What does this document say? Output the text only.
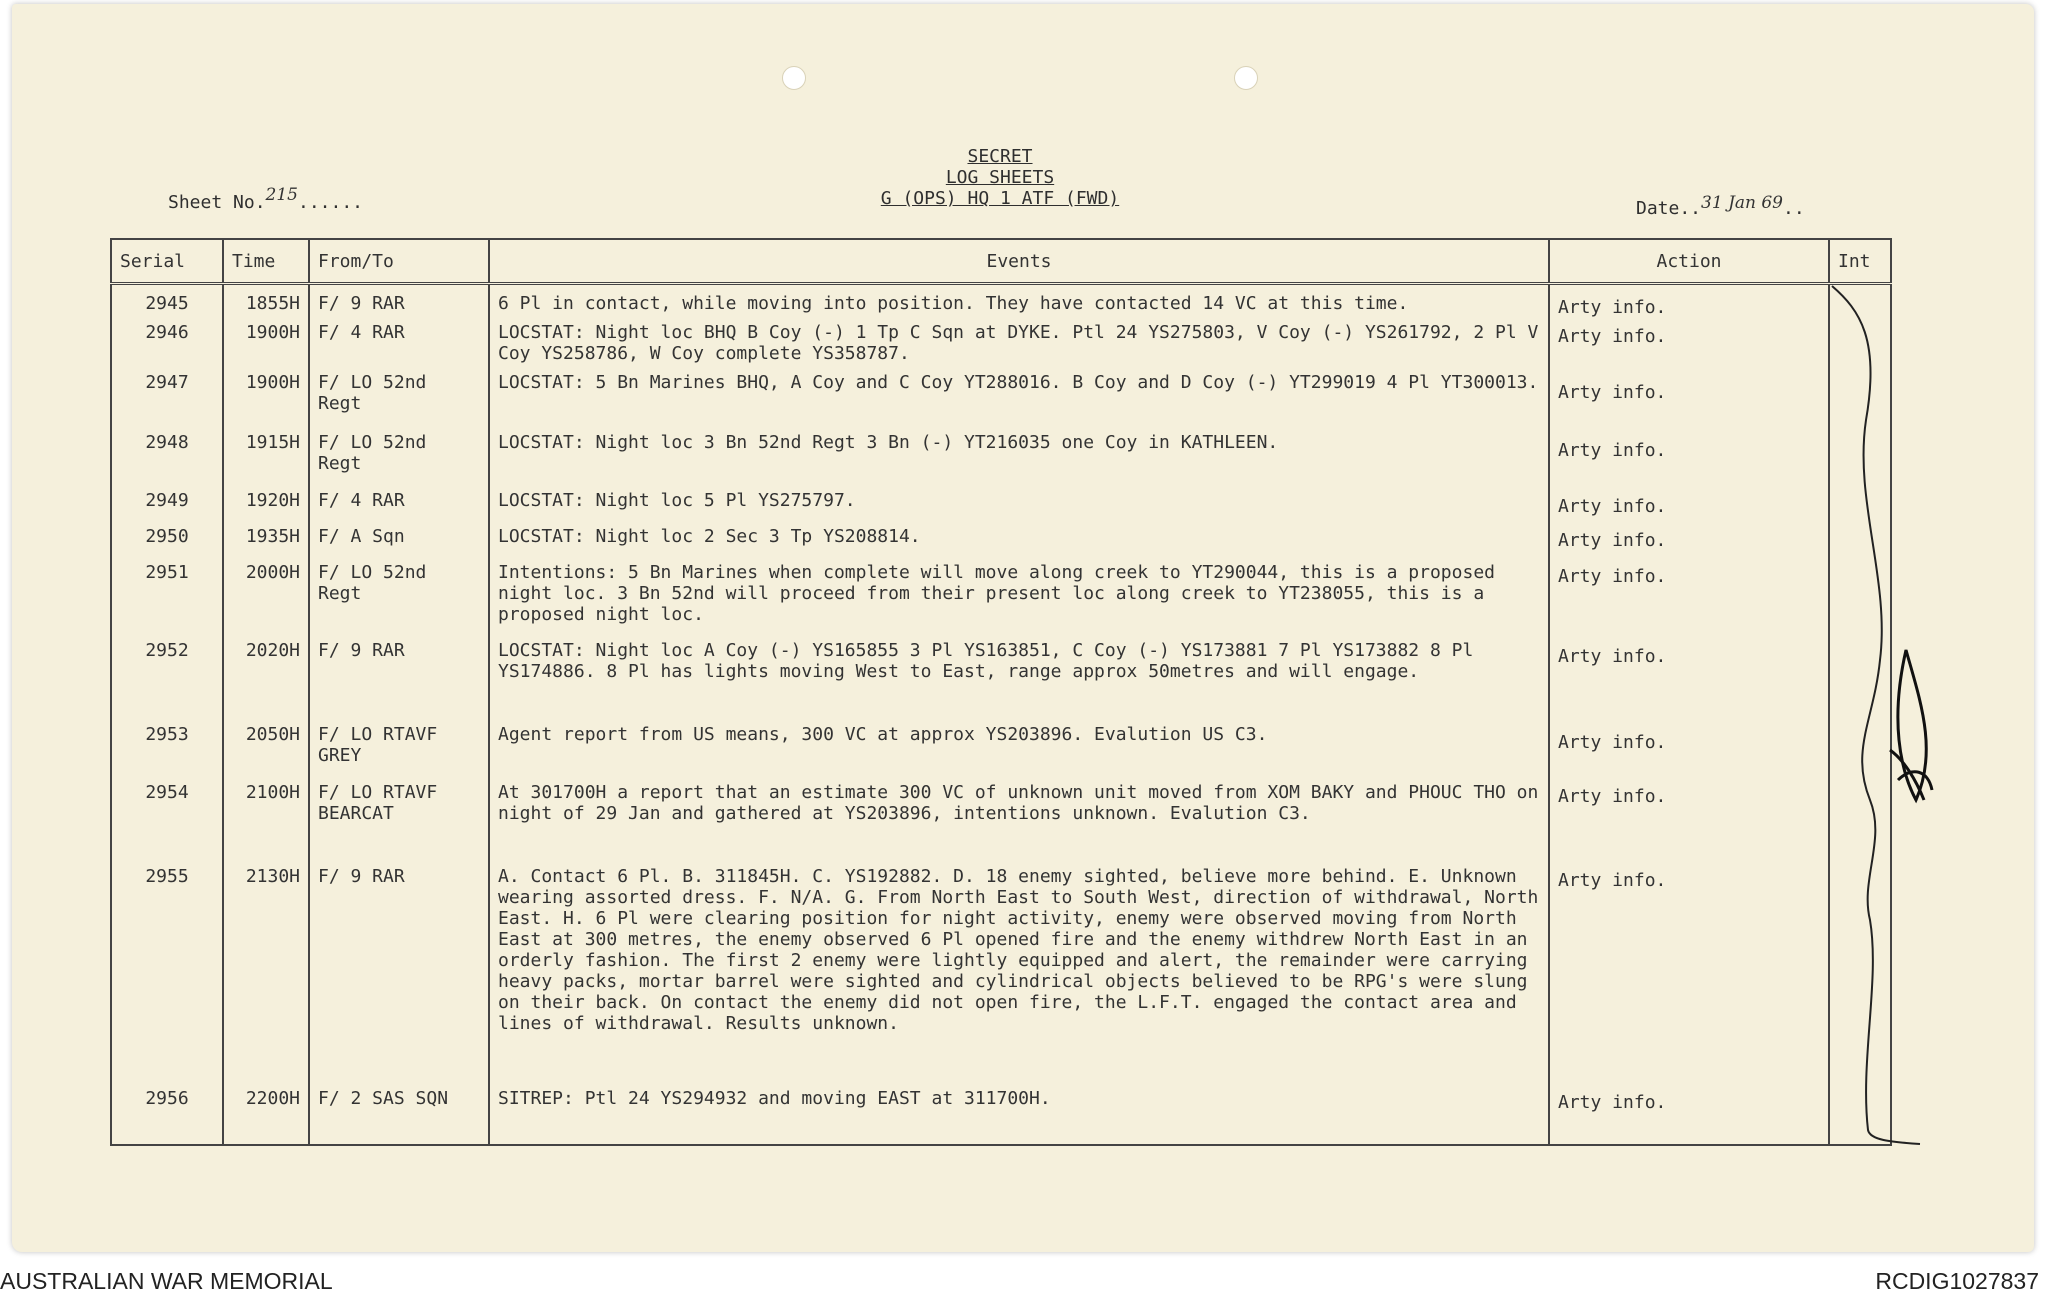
SECRET
LOG SHEETS
G (OPS) HQ 1 ATF (FWD)
Sheet No.215......	Date..31 Jan 69..
Serial	Time	From/To	Events	Action	Int
2945	1855H	F/ 9 RAR	6 Pl in contact, while moving into position. They have contacted 14 VC at this time.	Arty info.	
2946	1900H	F/ 4 RAR	LOCSTAT: Night loc BHQ B Coy (-) 1 Tp C Sqn at DYKE. Ptl 24 YS275803, V Coy (-) YS261792, 2 Pl V Coy YS258786, W Coy complete YS358787.	Arty info.	
2947	1900H	F/ LO 52nd Regt	LOCSTAT: 5 Bn Marines BHQ, A Coy and C Coy YT288016. B Coy and D Coy (-) YT299019 4 Pl YT300013.	Arty info.	
2948	1915H	F/ LO 52nd Regt	LOCSTAT: Night loc 3 Bn 52nd Regt 3 Bn (-) YT216035 one Coy in KATHLEEN.	Arty info.	
2949	1920H	F/ 4 RAR	LOCSTAT: Night loc 5 Pl YS275797.	Arty info.	
2950	1935H	F/ A Sqn	LOCSTAT: Night loc 2 Sec 3 Tp YS208814.	Arty info.	
2951	2000H	F/ LO 52nd Regt	Intentions: 5 Bn Marines when complete will move along creek to YT290044, this is a proposed night loc. 3 Bn 52nd will proceed from their present loc along creek to YT238055, this is a proposed night loc.	Arty info.	
2952	2020H	F/ 9 RAR	LOCSTAT: Night loc A Coy (-) YS165855 3 Pl YS163851, C Coy (-) YS173881 7 Pl YS173882 8 Pl YS174886. 8 Pl has lights moving West to East, range approx 50metres and will engage.	Arty info.	
2953	2050H	F/ LO RTAVF GREY	Agent report from US means, 300 VC at approx YS203896. Evalution US C3.	Arty info.	
2954	2100H	F/ LO RTAVF BEARCAT	At 301700H a report that an estimate 300 VC of unknown unit moved from XOM BAKY and PHOUC THO on night of 29 Jan and gathered at YS203896, intentions unknown. Evalution C3.	Arty info.	
2955	2130H	F/ 9 RAR	A. Contact 6 Pl. B. 311845H. C. YS192882. D. 18 enemy sighted, believe more behind. E. Unknown wearing assorted dress. F. N/A. G. From North East to South West, direction of withdrawal, North East. H. 6 Pl were clearing position for night activity, enemy were observed moving from North East at 300 metres, the enemy observed 6 Pl opened fire and the enemy withdrew North East in an orderly fashion. The first 2 enemy were lightly equipped and alert, the remainder were carrying heavy packs, mortar barrel were sighted and cylindrical objects believed to be RPG's were slung on their back. On contact the enemy did not open fire, the L.F.T. engaged the contact area and lines of withdrawal. Results unknown.	Arty info.	
2956	2200H	F/ 2 SAS SQN	SITREP: Ptl 24 YS294932 and moving EAST at 311700H.	Arty info.	
AUSTRALIAN WAR MEMORIAL	RCDIG1027837
